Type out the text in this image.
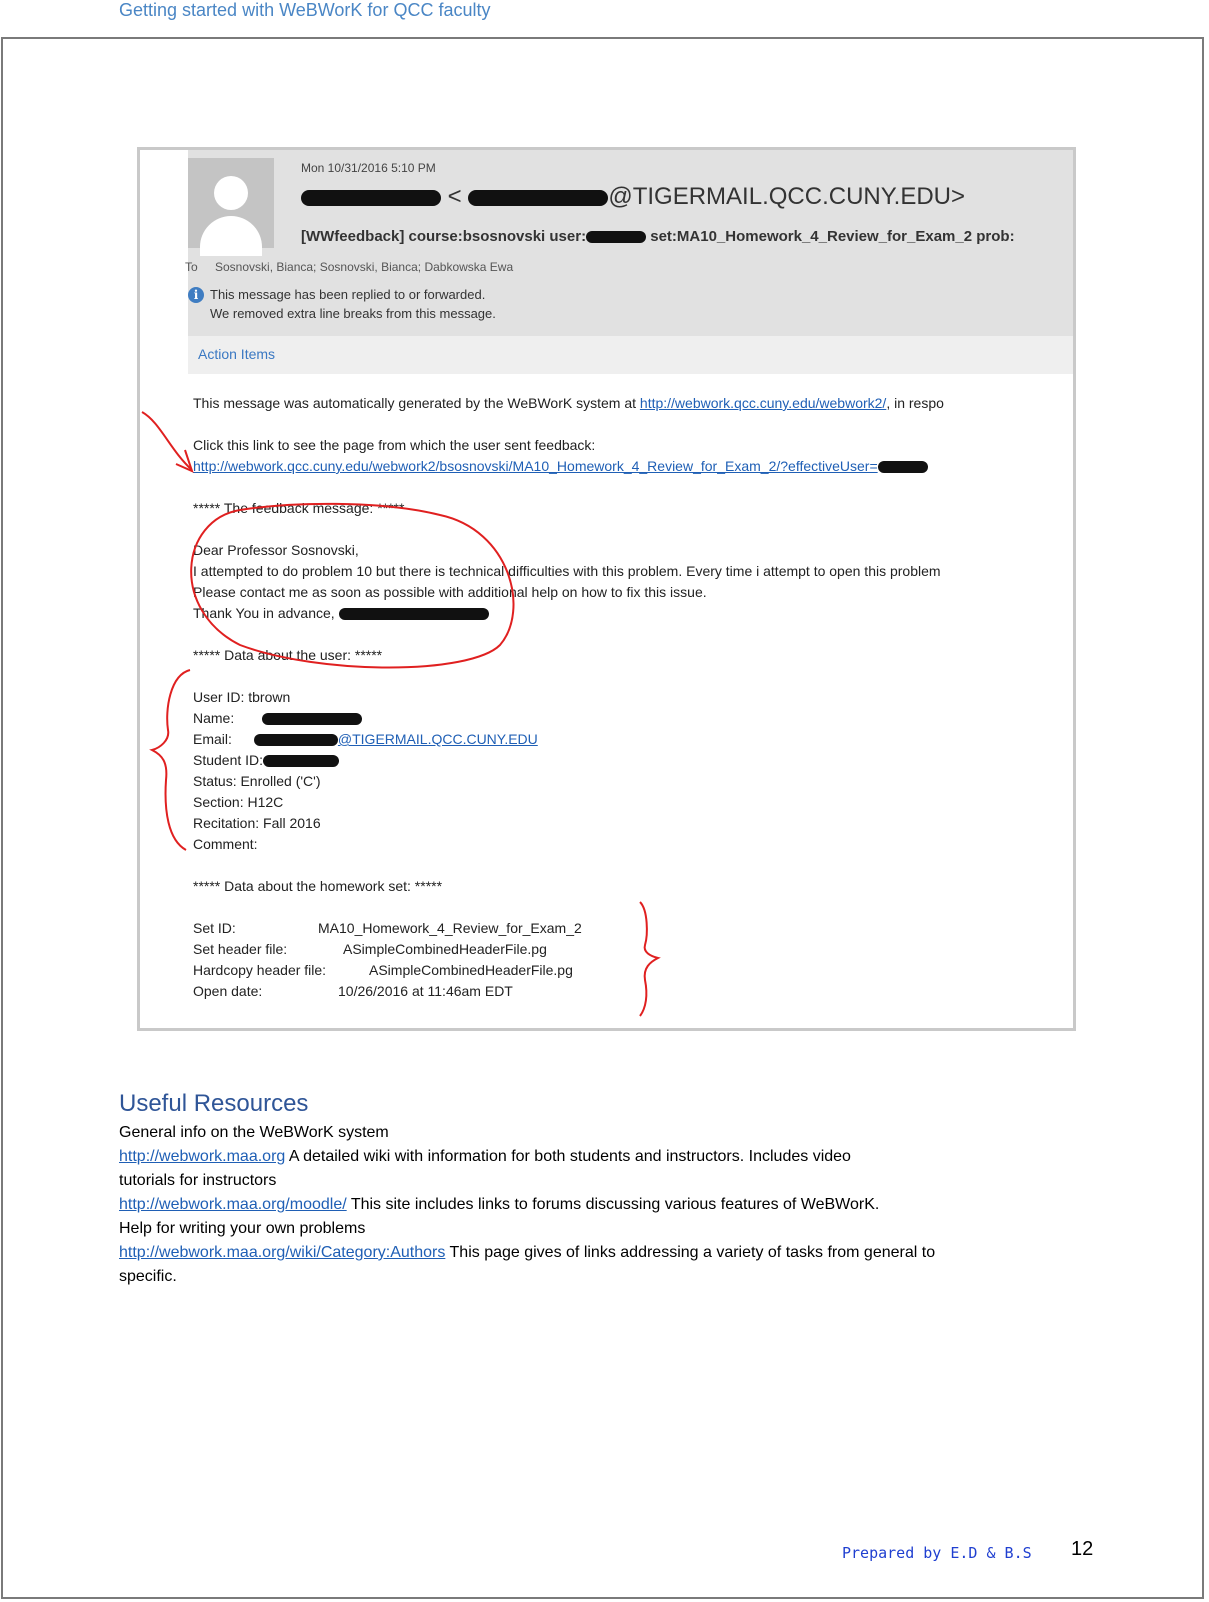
Getting started with WeBWorK for QCC faculty
Mon 10/31/2016 5:10 PM
<	@TIGERMAIL.QCC.CUNY.EDU>
[WWfeedback] course:bsosnovski user:	set:MA10_Homework_4_Review_for_Exam_2 prob:
To Sosnovski, Bianca; Sosnovski, Bianca; Dabkowska Ewa
i This message has been replied to or forwarded.
We removed extra line breaks from this message.
Action Items
This message was automatically generated by the WeBWorK system at http://webwork.qcc.cuny.edu/webwork2/, in respo
Click this link to see the page from which the user sent feedback:
http://webwork.qcc.cuny.edu/webwork2/bsosnovski/MA10_Homework_4_Review_for_Exam_2/?effectiveUser=
***** The feedback message: *****
Dear Professor Sosnovski,
I attempted to do problem 10 but there is technical difficulties with this problem. Every time i attempt to open this problem
Please contact me as soon as possible with additional help on how to fix this issue.
Thank You in advance,
***** Data about the user: *****
User ID: tbrown
Name:
Email:	@TIGERMAIL.QCC.CUNY.EDU
Student ID:
Status: Enrolled ('C')
Section: H12C
Recitation: Fall 2016
Comment:
***** Data about the homework set: *****
Set ID:	MA10_Homework_4_Review_for_Exam_2
Set header file:	ASimpleCombinedHeaderFile.pg
Hardcopy header file:	ASimpleCombinedHeaderFile.pg
Open date:	10/26/2016 at 11:46am EDT
Useful Resources
General info on the WeBWorK system
http://webwork.maa.org A detailed wiki with information for both students and instructors. Includes video
tutorials for instructors
http://webwork.maa.org/moodle/ This site includes links to forums discussing various features of WeBWorK.
Help for writing your own problems
http://webwork.maa.org/wiki/Category:Authors This page gives of links addressing a variety of tasks from general to
specific.
Prepared by E.D & B.S 12
